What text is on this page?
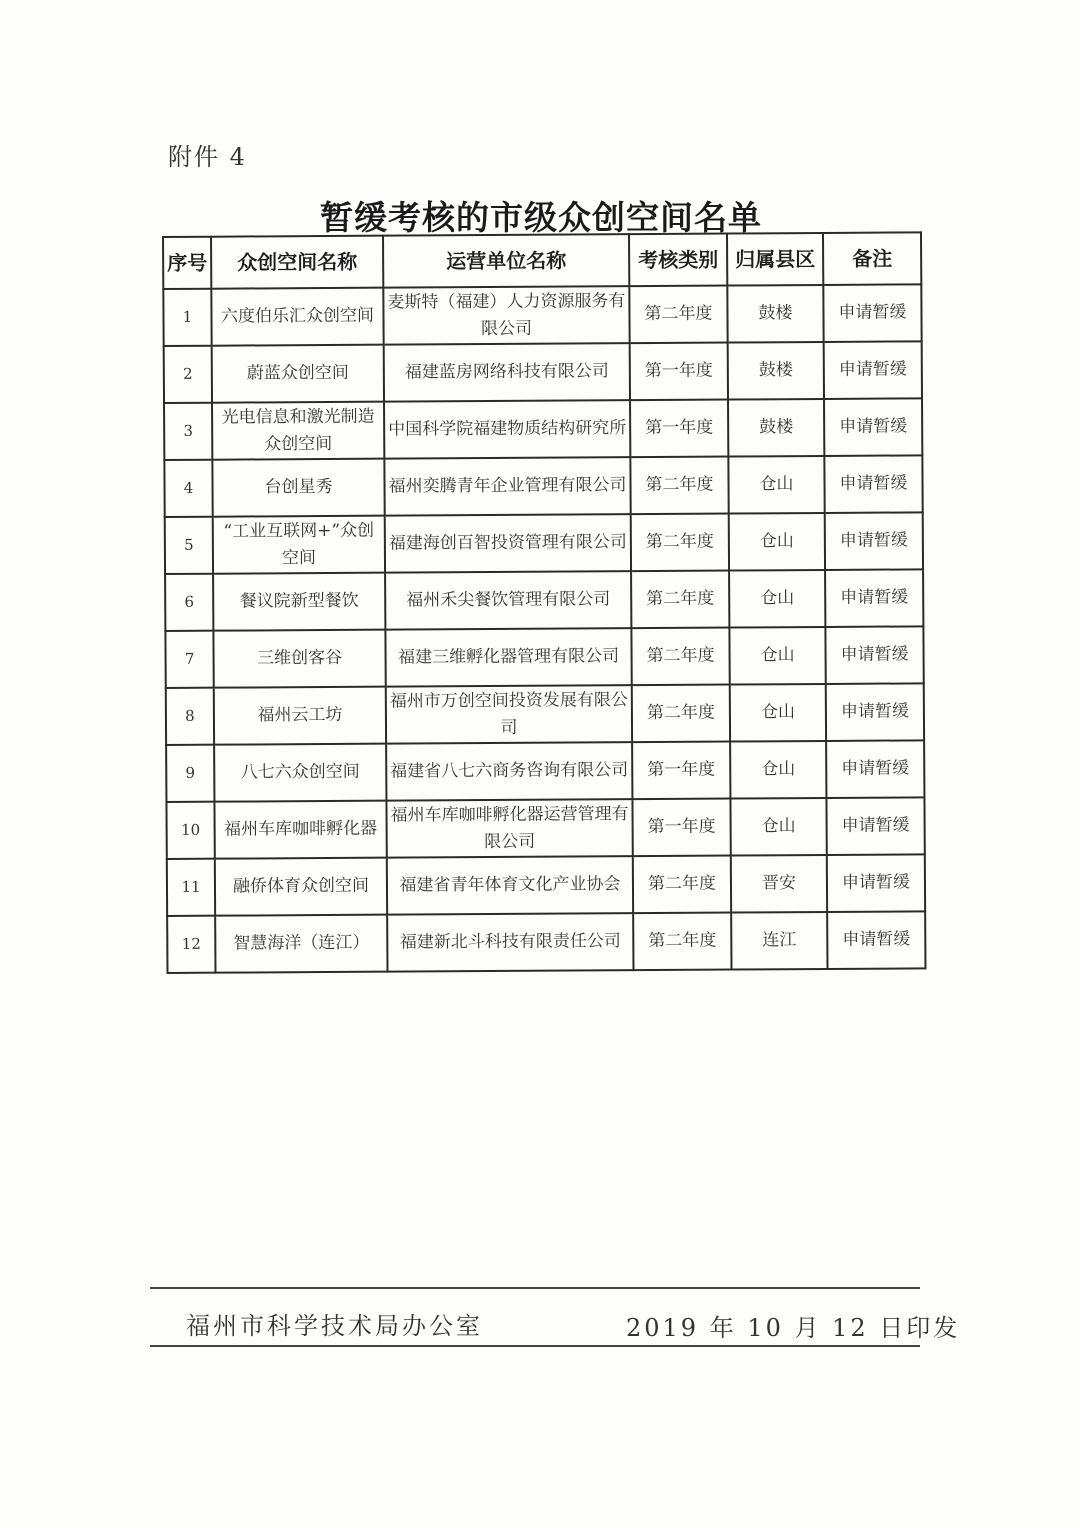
附件 4
暂缓考核的市级众创空间名单
序号	众创空间名称	运营单位名称	考核类别	归属县区	备注
1	六度伯乐汇众创空间	麦斯特（福建）人力资源服务有限公司	第二年度	鼓楼	申请暂缓
2	蔚蓝众创空间	福建蓝房网络科技有限公司	第一年度	鼓楼	申请暂缓
3	光电信息和激光制造众创空间	中国科学院福建物质结构研究所	第一年度	鼓楼	申请暂缓
4	台创星秀	福州奕腾青年企业管理有限公司	第二年度	仓山	申请暂缓
5	“工业互联网+”众创空间	福建海创百智投资管理有限公司	第二年度	仓山	申请暂缓
6	餐议院新型餐饮	福州禾尖餐饮管理有限公司	第二年度	仓山	申请暂缓
7	三维创客谷	福建三维孵化器管理有限公司	第二年度	仓山	申请暂缓
8	福州云工坊	福州市万创空间投资发展有限公司	第二年度	仓山	申请暂缓
9	八七六众创空间	福建省八七六商务咨询有限公司	第一年度	仓山	申请暂缓
10	福州车库咖啡孵化器	福州车库咖啡孵化器运营管理有限公司	第一年度	仓山	申请暂缓
11	融侨体育众创空间	福建省青年体育文化产业协会	第二年度	晋安	申请暂缓
12	智慧海洋（连江）	福建新北斗科技有限责任公司	第二年度	连江	申请暂缓
福州市科学技术局办公室	2019 年 10 月 12 日印发
